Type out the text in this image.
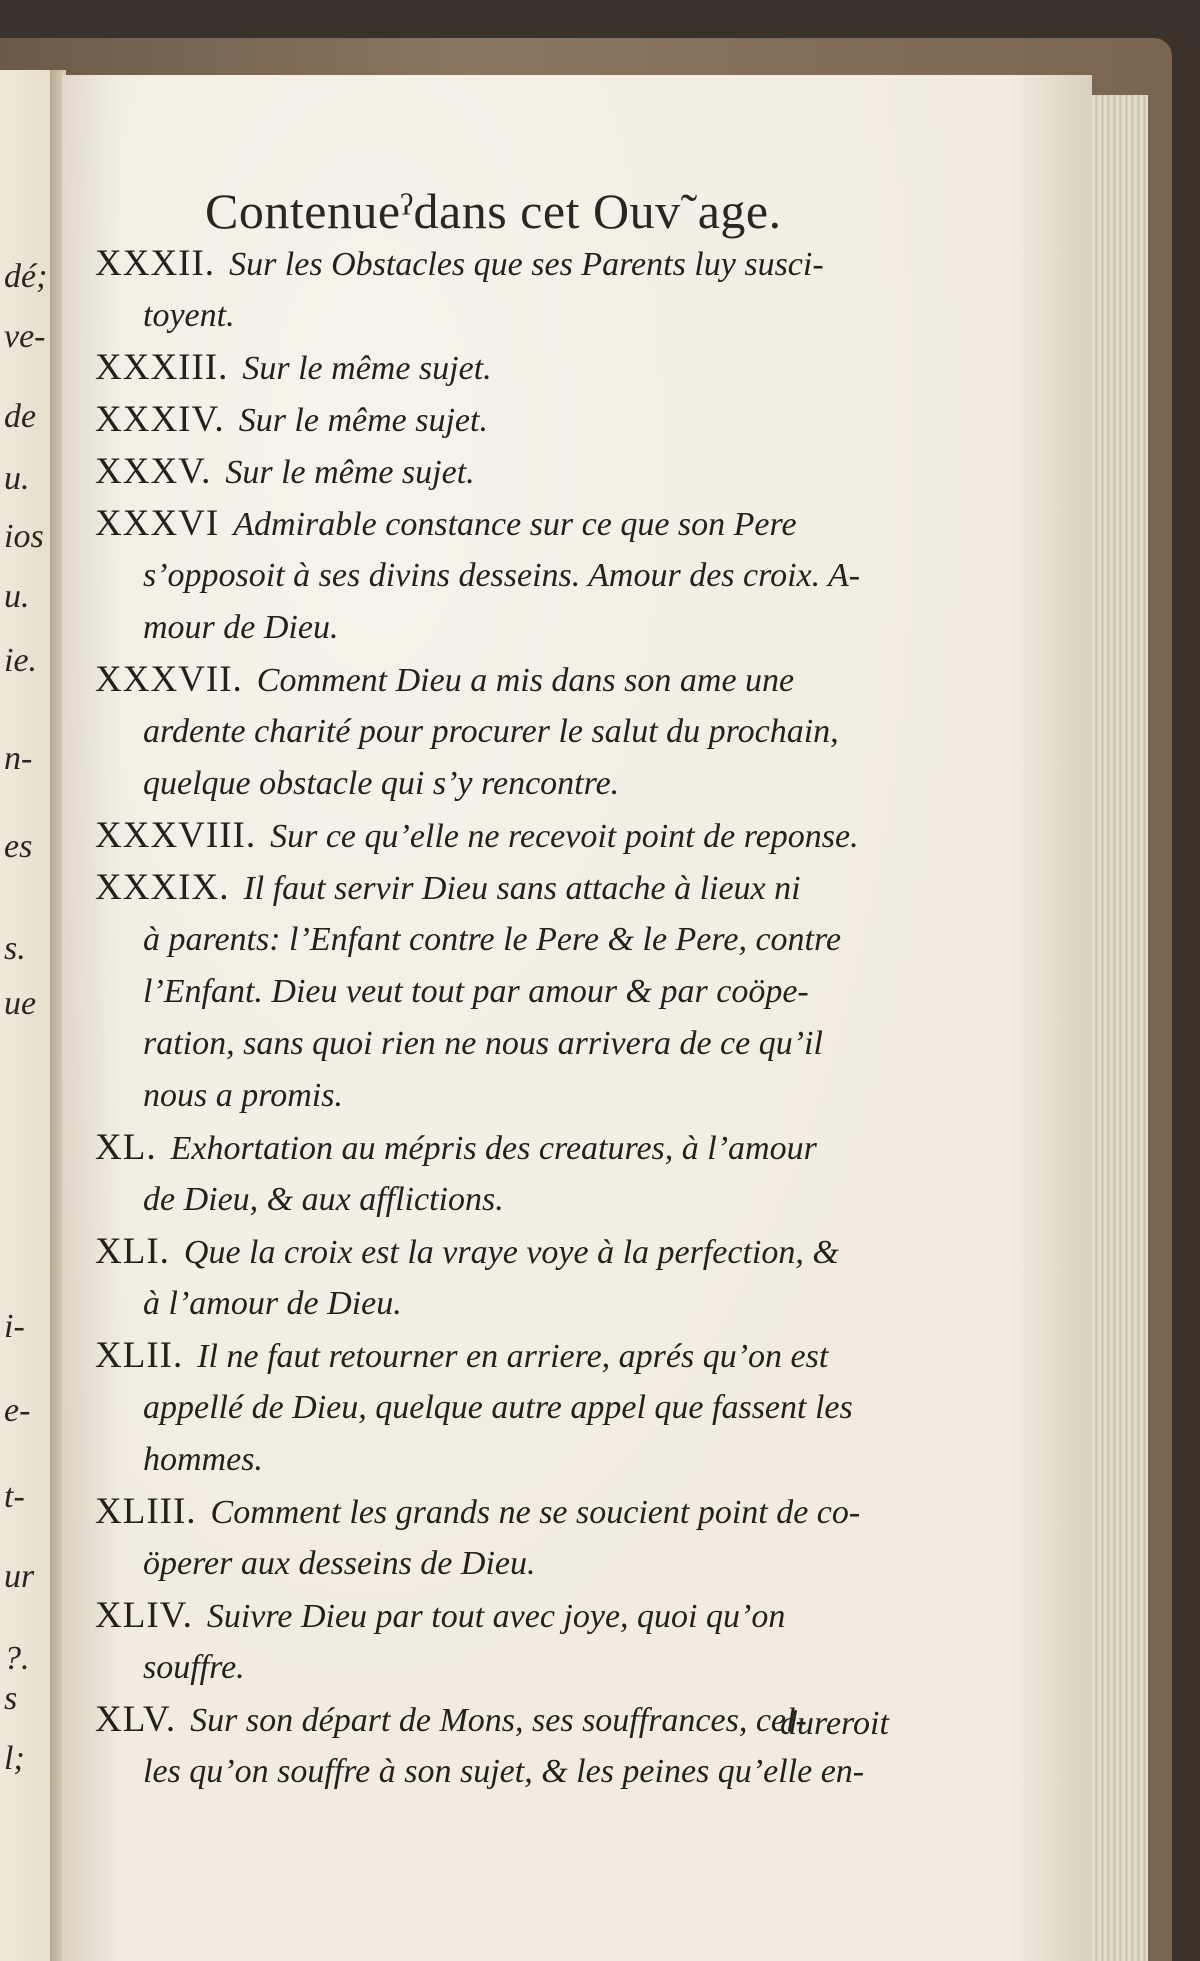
dé;
ve-
de
u.
ios
u.
ie.
n-
es
s.
ue
i-
e-
t-
ur
?.
s
l;
Contenueˀdans cet Ouv˜age.
XXXII. Sur les Obstacles que ses Parents luy susci-
toyent.
XXXIII. Sur le même sujet.
XXXIV. Sur le même sujet.
XXXV. Sur le même sujet.
XXXVI Admirable constance sur ce que son Pere
s’opposoit à ses divins desseins. Amour des croix. A-
mour de Dieu.
XXXVII. Comment Dieu a mis dans son ame une
ardente charité pour procurer le salut du prochain,
quelque obstacle qui s’y rencontre.
XXXVIII. Sur ce qu’elle ne recevoit point de reponse.
XXXIX. Il faut servir Dieu sans attache à lieux ni
à parents: l’Enfant contre le Pere & le Pere, contre
l’Enfant. Dieu veut tout par amour & par coöpe-
ration, sans quoi rien ne nous arrivera de ce qu’il
nous a promis.
XL. Exhortation au mépris des creatures, à l’amour
de Dieu, & aux afflictions.
XLI. Que la croix est la vraye voye à la perfection, &
à l’amour de Dieu.
XLII. Il ne faut retourner en arriere, aprés qu’on est
appellé de Dieu, quelque autre appel que fassent les
hommes.
XLIII. Comment les grands ne se soucient point de co-
öperer aux desseins de Dieu.
XLIV. Suivre Dieu par tout avec joye, quoi qu’on
souffre.
XLV. Sur son départ de Mons, ses souffrances, cel-
les qu’on souffre à son sujet, & les peines qu’elle en-
dureroit
